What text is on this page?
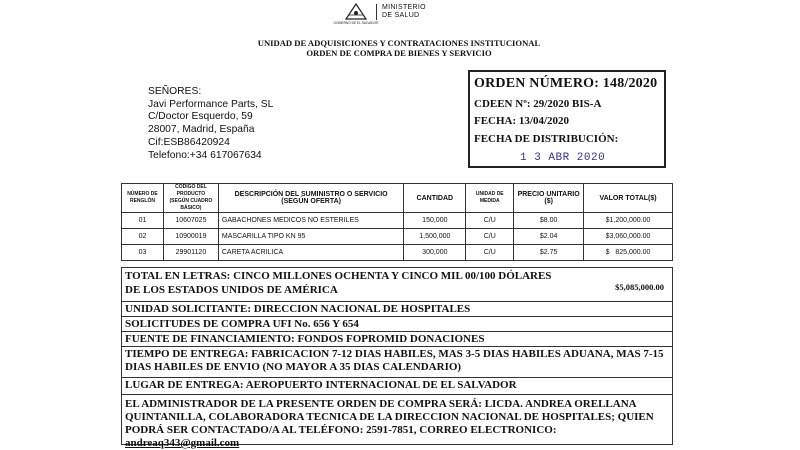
GOBIERNO DE EL SALVADOR
MINISTERIO
DE SALUD
UNIDAD DE ADQUISICIONES Y CONTRATACIONES INSTITUCIONAL
ORDEN DE COMPRA DE BIENES Y SERVICIO
SEÑORES:
Javi Performance Parts, SL
C/Doctor Esquerdo, 59
28007, Madrid, España
Cif:ESB86420924
Telefono:+34 617067634
ORDEN NÚMERO: 148/2020
CDEEN Nº: 29/2020 BIS-A
FECHA: 13/04/2020
FECHA DE DISTRIBUCIÓN:
1 3 ABR 2020
NÚMERO DE RENGLÓN	CÓDIGO DEL PRODUCTO (SEGÚN CUADRO BÁSICO)	DESCRIPCIÓN DEL SUMINISTRO O SERVICIO (SEGÚN OFERTA)	CANTIDAD	UNIDAD DE MEDIDA	PRECIO UNITARIO ($)	VALOR TOTAL($)
01	10607025	GABACHONES MEDICOS NO ESTERILES	150,000	C/U	$8.00	$1,200,000.00
02	10900019	MASCARILLA TIPO KN 95	1,500,000	C/U	$2.04	$3,060,000.00
03	29901120	CARETA ACRILICA	300,000	C/U	$2.75	$   825,000.00
TOTAL EN LETRAS: CINCO MILLONES OCHENTA Y CINCO MIL 00/100 DÓLARES DE LOS ESTADOS UNIDOS DE AMÉRICA	$5,085,000.00
UNIDAD SOLICITANTE: DIRECCION NACIONAL DE HOSPITALES
SOLICITUDES DE COMPRA UFI No. 656 Y 654
FUENTE DE FINANCIAMIENTO: FONDOS FOPROMID DONACIONES
TIEMPO DE ENTREGA: FABRICACION 7-12 DIAS HABILES, MAS 3-5 DIAS HABILES ADUANA, MAS 7-15 DIAS HABILES DE ENVIO (NO MAYOR A 35 DIAS CALENDARIO)
LUGAR DE ENTREGA: AEROPUERTO INTERNACIONAL DE EL SALVADOR
EL ADMINISTRADOR DE LA PRESENTE ORDEN DE COMPRA SERÁ: LICDA. ANDREA ORELLANA QUINTANILLA, COLABORADORA TECNICA DE LA DIRECCION NACIONAL DE HOSPITALES; QUIEN PODRÁ SER CONTACTADO/A AL TELÉFONO: 2591-7851, CORREO ELECTRONICO: andreaq343@gmail.com
